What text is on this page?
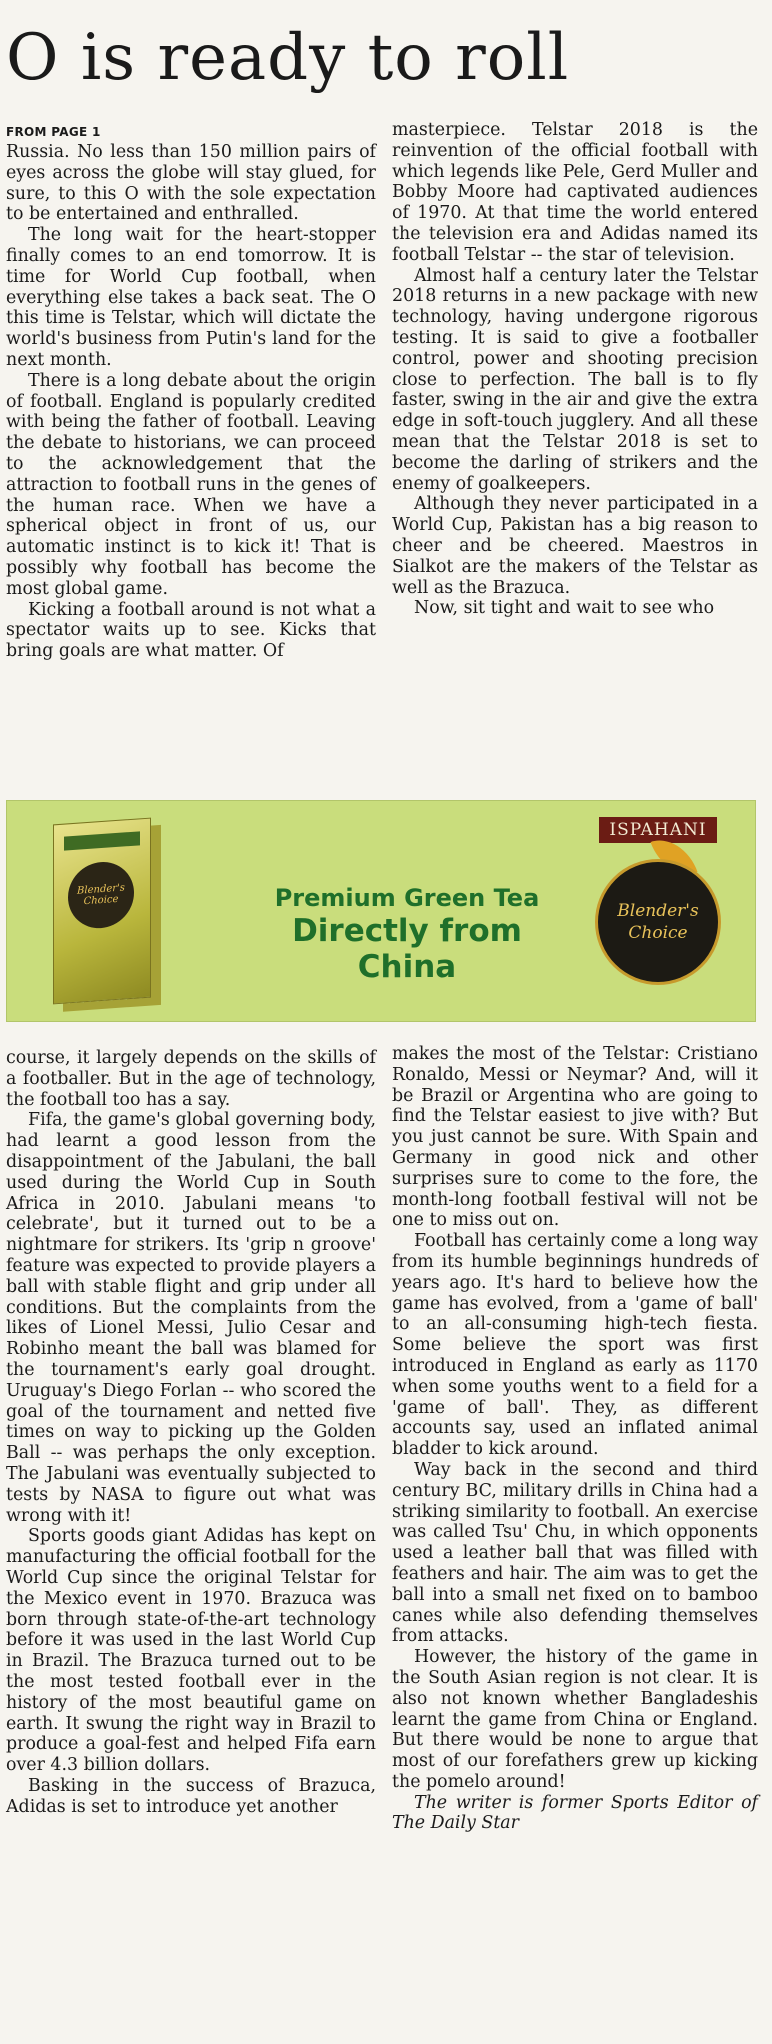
O is ready to roll
FROM PAGE 1

Russia. No less than 150 million pairs of eyes across the globe will stay glued, for sure, to this O with the sole expectation to be entertained and enthralled.

The long wait for the heart-stopper finally comes to an end tomorrow. It is time for World Cup football, when everything else takes a back seat. The O this time is Telstar, which will dictate the world's business from Putin's land for the next month.

There is a long debate about the origin of football. England is popularly credited with being the father of football. Leaving the debate to historians, we can proceed to the acknowledgement that the attraction to football runs in the genes of the human race. When we have a spherical object in front of us, our automatic instinct is to kick it! That is possibly why football has become the most global game.

Kicking a football around is not what a spectator waits up to see. Kicks that bring goals are what matter. Of

masterpiece. Telstar 2018 is the reinvention of the official football with which legends like Pele, Gerd Muller and Bobby Moore had captivated audiences of 1970. At that time the world entered the television era and Adidas named its football Telstar -- the star of television.

Almost half a century later the Telstar 2018 returns in a new package with new technology, having undergone rigorous testing. It is said to give a footballer control, power and shooting precision close to perfection. The ball is to fly faster, swing in the air and give the extra edge in soft-touch jugglery. And all these mean that the Telstar 2018 is set to become the darling of strikers and the enemy of goalkeepers.

Although they never participated in a World Cup, Pakistan has a big reason to cheer and be cheered. Maestros in Sialkot are the makers of the Telstar as well as the Brazuca.

Now, sit tight and wait to see who

Blender's Choice	Premium Green Tea
Directly from China
ISPAHANI
Blender's Choice

course, it largely depends on the skills of a footballer. But in the age of technology, the football too has a say.

Fifa, the game's global governing body, had learnt a good lesson from the disappointment of the Jabulani, the ball used during the World Cup in South Africa in 2010. Jabulani means 'to celebrate', but it turned out to be a nightmare for strikers. Its 'grip n groove' feature was expected to provide players a ball with stable flight and grip under all conditions. But the complaints from the likes of Lionel Messi, Julio Cesar and Robinho meant the ball was blamed for the tournament's early goal drought. Uruguay's Diego Forlan -- who scored the goal of the tournament and netted five times on way to picking up the Golden Ball -- was perhaps the only exception. The Jabulani was eventually subjected to tests by NASA to figure out what was wrong with it!

Sports goods giant Adidas has kept on manufacturing the official football for the World Cup since the original Telstar for the Mexico event in 1970. Brazuca was born through state-of-the-art technology before it was used in the last World Cup in Brazil. The Brazuca turned out to be the most tested football ever in the history of the most beautiful game on earth. It swung the right way in Brazil to produce a goal-fest and helped Fifa earn over 4.3 billion dollars.

Basking in the success of Brazuca, Adidas is set to introduce yet another

makes the most of the Telstar: Cristiano Ronaldo, Messi or Neymar? And, will it be Brazil or Argentina who are going to find the Telstar easiest to jive with? But you just cannot be sure. With Spain and Germany in good nick and other surprises sure to come to the fore, the month-long football festival will not be one to miss out on.

Football has certainly come a long way from its humble beginnings hundreds of years ago. It's hard to believe how the game has evolved, from a 'game of ball' to an all-consuming high-tech fiesta. Some believe the sport was first introduced in England as early as 1170 when some youths went to a field for a 'game of ball'. They, as different accounts say, used an inflated animal bladder to kick around.

Way back in the second and third century BC, military drills in China had a striking similarity to football. An exercise was called Tsu' Chu, in which opponents used a leather ball that was filled with feathers and hair. The aim was to get the ball into a small net fixed on to bamboo canes while also defending themselves from attacks.

However, the history of the game in the South Asian region is not clear. It is also not known whether Bangladeshis learnt the game from China or England. But there would be none to argue that most of our forefathers grew up kicking the pomelo around!

The writer is former Sports Editor of The Daily Star
